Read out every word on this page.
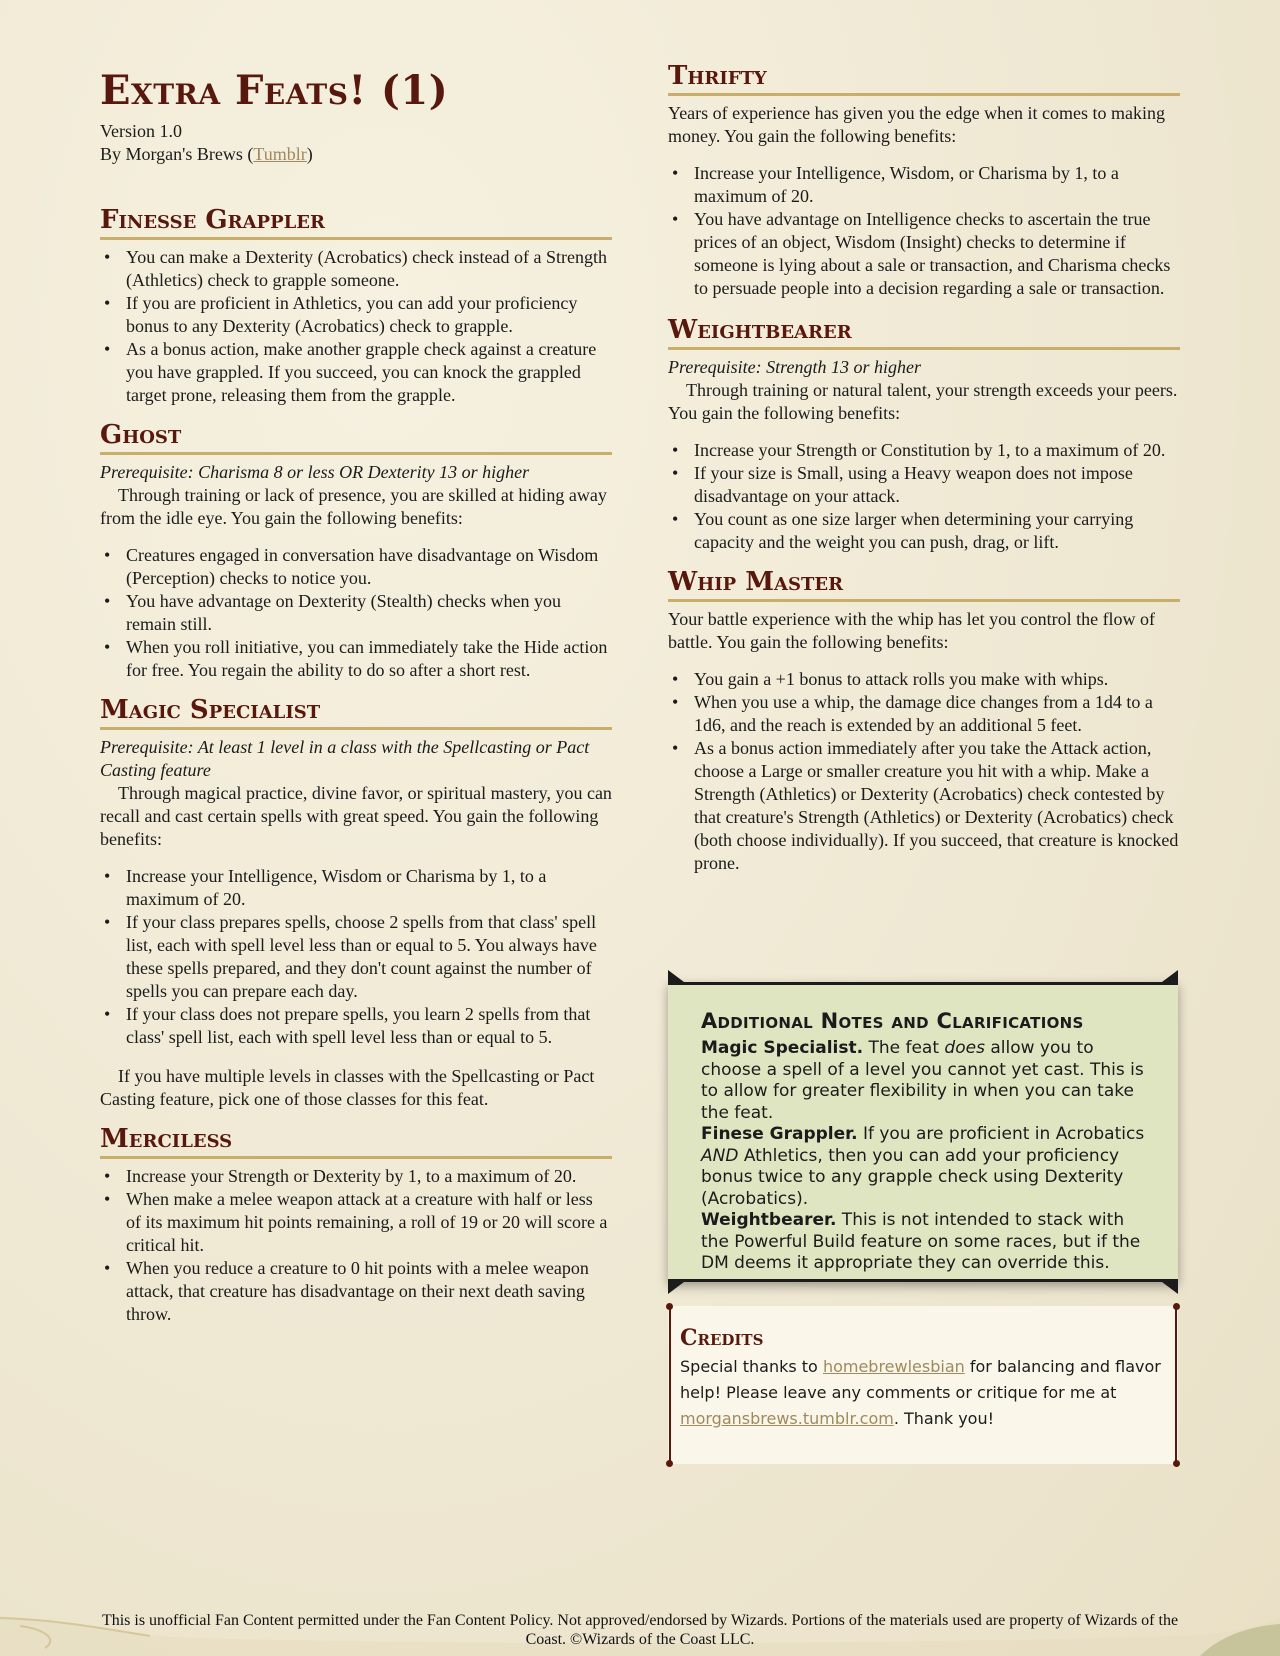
Extra Feats! (1)
Version 1.0
By Morgan's Brews (Tumblr)
Finesse Grappler
• You can make a Dexterity (Acrobatics) check instead of a Strength (Athletics) check to grapple someone.
• If you are proficient in Athletics, you can add your proficiency bonus to any Dexterity (Acrobatics) check to grapple.
• As a bonus action, make another grapple check against a creature you have grappled. If you succeed, you can knock the grappled target prone, releasing them from the grapple.
Ghost
Prerequisite: Charisma 8 or less OR Dexterity 13 or higher

Through training or lack of presence, you are skilled at hiding away from the idle eye. You gain the following benefits:

• Creatures engaged in conversation have disadvantage on Wisdom (Perception) checks to notice you.
• You have advantage on Dexterity (Stealth) checks when you remain still.
• When you roll initiative, you can immediately take the Hide action for free. You regain the ability to do so after a short rest.
Magic Specialist
Prerequisite: At least 1 level in a class with the Spellcasting or Pact Casting feature

Through magical practice, divine favor, or spiritual mastery, you can recall and cast certain spells with great speed. You gain the following benefits:

• Increase your Intelligence, Wisdom or Charisma by 1, to a maximum of 20.
• If your class prepares spells, choose 2 spells from that class' spell list, each with spell level less than or equal to 5. You always have these spells prepared, and they don't count against the number of spells you can prepare each day.
• If your class does not prepare spells, you learn 2 spells from that class' spell list, each with spell level less than or equal to 5.

If you have multiple levels in classes with the Spellcasting or Pact Casting feature, pick one of those classes for this feat.

Merciless
• Increase your Strength or Dexterity by 1, to a maximum of 20.
• When make a melee weapon attack at a creature with half or less of its maximum hit points remaining, a roll of 19 or 20 will score a critical hit.
• When you reduce a creature to 0 hit points with a melee weapon attack, that creature has disadvantage on their next death saving throw.
Thrifty

Years of experience has given you the edge when it comes to making money. You gain the following benefits:

• Increase your Intelligence, Wisdom, or Charisma by 1, to a maximum of 20.
• You have advantage on Intelligence checks to ascertain the true prices of an object, Wisdom (Insight) checks to determine if someone is lying about a sale or transaction, and Charisma checks to persuade people into a decision regarding a sale or transaction.
Weightbearer
Prerequisite: Strength 13 or higher

Through training or natural talent, your strength exceeds your peers. You gain the following benefits:

• Increase your Strength or Constitution by 1, to a maximum of 20.
• If your size is Small, using a Heavy weapon does not impose disadvantage on your attack.
• You count as one size larger when determining your carrying capacity and the weight you can push, drag, or lift.
Whip Master

Your battle experience with the whip has let you control the flow of battle. You gain the following benefits:

• You gain a +1 bonus to attack rolls you make with whips.
• When you use a whip, the damage dice changes from a 1d4 to a 1d6, and the reach is extended by an additional 5 feet.
• As a bonus action immediately after you take the Attack action, choose a Large or smaller creature you hit with a whip. Make a Strength (Athletics) or Dexterity (Acrobatics) check contested by that creature's Strength (Athletics) or Dexterity (Acrobatics) check (both choose individually). If you succeed, that creature is knocked prone.
Additional Notes and Clarifications

Magic Specialist. The feat does allow you to choose a spell of a level you cannot yet cast. This is to allow for greater flexibility in when you can take the feat.

Finese Grappler. If you are proficient in Acrobatics AND Athletics, then you can add your proficiency bonus twice to any grapple check using Dexterity (Acrobatics).

Weightbearer. This is not intended to stack with the Powerful Build feature on some races, but if the DM deems it appropriate they can override this.

Credits
Special thanks to homebrewlesbian for balancing and flavor help! Please leave any comments or critique for me at morgansbrews.tumblr.com. Thank you!
This is unofficial Fan Content permitted under the Fan Content Policy. Not approved/endorsed by Wizards. Portions of the materials used are property of Wizards of the Coast. ©Wizards of the Coast LLC.
